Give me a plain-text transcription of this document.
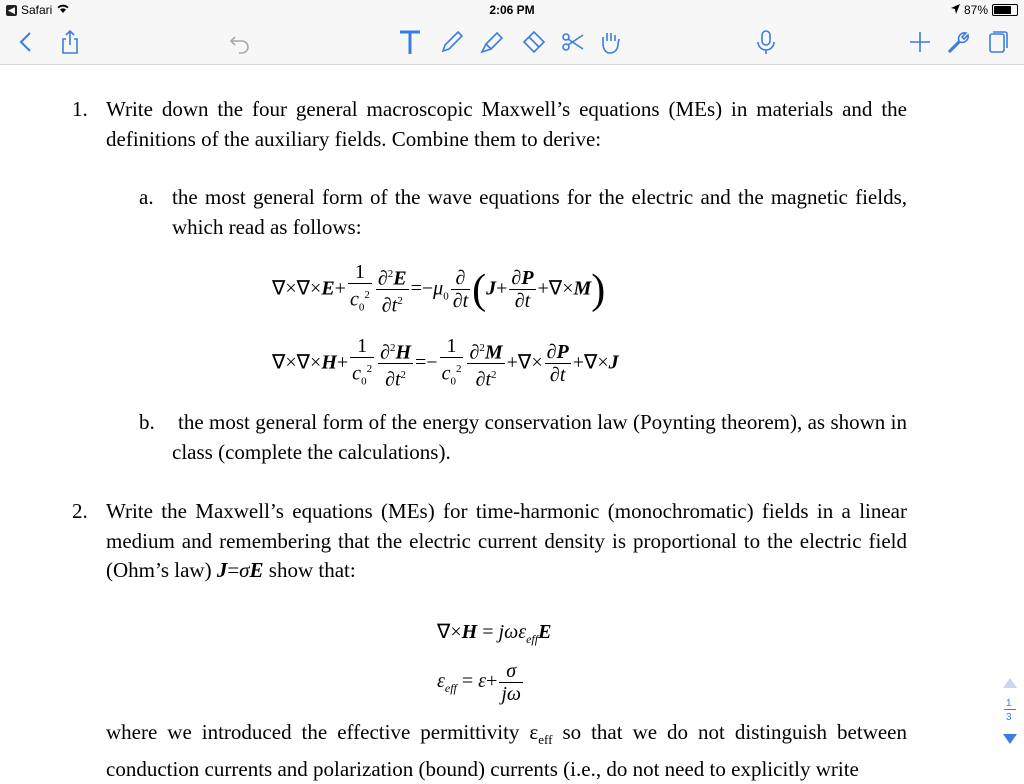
◀ Safari	2:06 PM	87%
1. Write down the four general macroscopic Maxwell’s equations (MEs) in materials and the definitions of the auxiliary fields. Combine them to derive:
a. the most general form of the wave equations for the electric and the magnetic fields, which read as follows:
$\nabla\times\nabla\times E+ \frac{1}{c_0^2} \frac{\partial^2E}{\partial t^2} =-\mu_0 \frac{\partial}{\partial t} (J+ \frac{\partial P}{\partial t} +\nabla\times M)$
$\nabla\times\nabla\times H+ \frac{1}{c_0^2} \frac{\partial^2H}{\partial t^2} =- \frac{1}{c_0^2} \frac{\partial^2M}{\partial t^2}$ +∇× $\frac{\partial P}{\partial t} +\nabla\times J$
b. the most general form of the energy conservation law (Poynting theorem), as shown in class (complete the calculations).
2. Write the Maxwell’s equations (MEs) for time-harmonic (monochromatic) fields in a linear medium and remembering that the electric current density is proportional to the electric field (Ohm’s law) J=σE show that:
∇×H = jωε$_{eff}$E
$\varepsilon_{eff} = \varepsilon+ \frac{\sigma}{j\omega}$
where we introduced the effective permittivity $\varepsilon_{eff}$ so that we do not distinguish between conduction currents and polarization (bound) currents (i.e., do not need to explicitly write
1
3
